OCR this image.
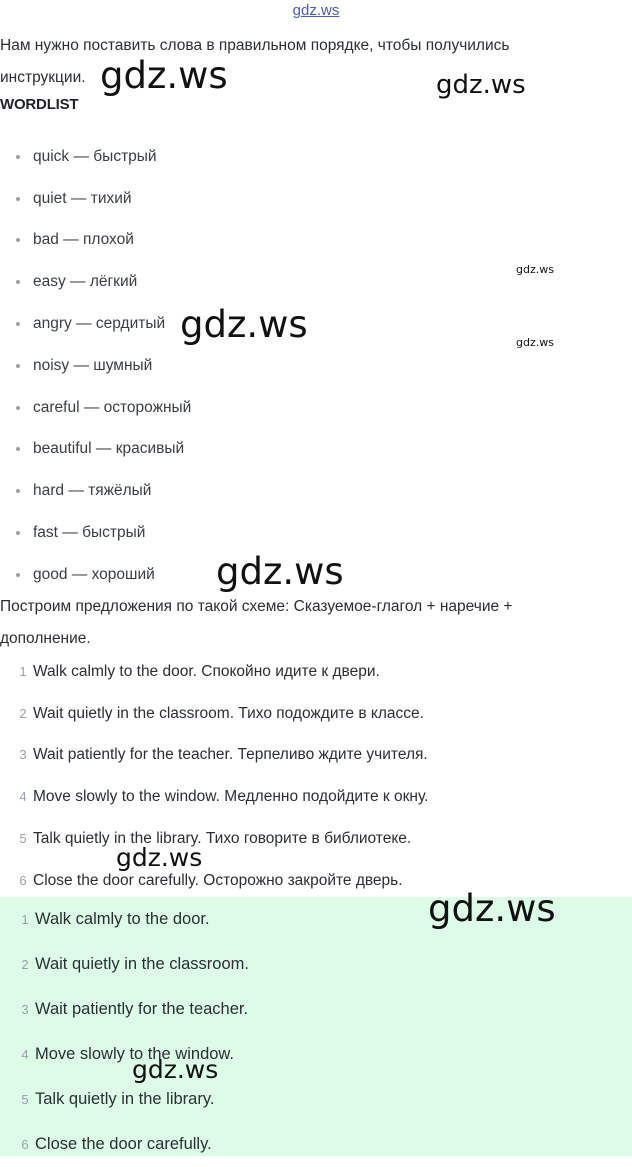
gdz.ws
Нам нужно поставить слова в правильном порядке, чтобы получились инструкции.
WORDLIST
quick — быстрый
quiet — тихий
bad — плохой
easy — лёгкий
angry — сердитый
noisy — шумный
careful — осторожный
beautiful — красивый
hard — тяжёлый
fast — быстрый
good — хороший
Построим предложения по такой схеме: Сказуемое-глагол + наречие + дополнение.
1 Walk calmly to the door. Спокойно идите к двери.
2 Wait quietly in the classroom. Тихо подождите в классе.
3 Wait patiently for the teacher. Терпеливо ждите учителя.
4 Move slowly to the window. Медленно подойдите к окну.
5 Talk quietly in the library. Тихо говорите в библиотеке.
6 Close the door carefully. Осторожно закройте дверь.
1 Walk calmly to the door.
2 Wait quietly in the classroom.
3 Wait patiently for the teacher.
4 Move slowly to the window.
5 Talk quietly in the library.
6 Close the door carefully.
gdz.ws	gdz.ws
gdz.ws
gdz.ws	gdz.ws
gdz.ws
gdz.ws
gdz.ws
gdz.ws
